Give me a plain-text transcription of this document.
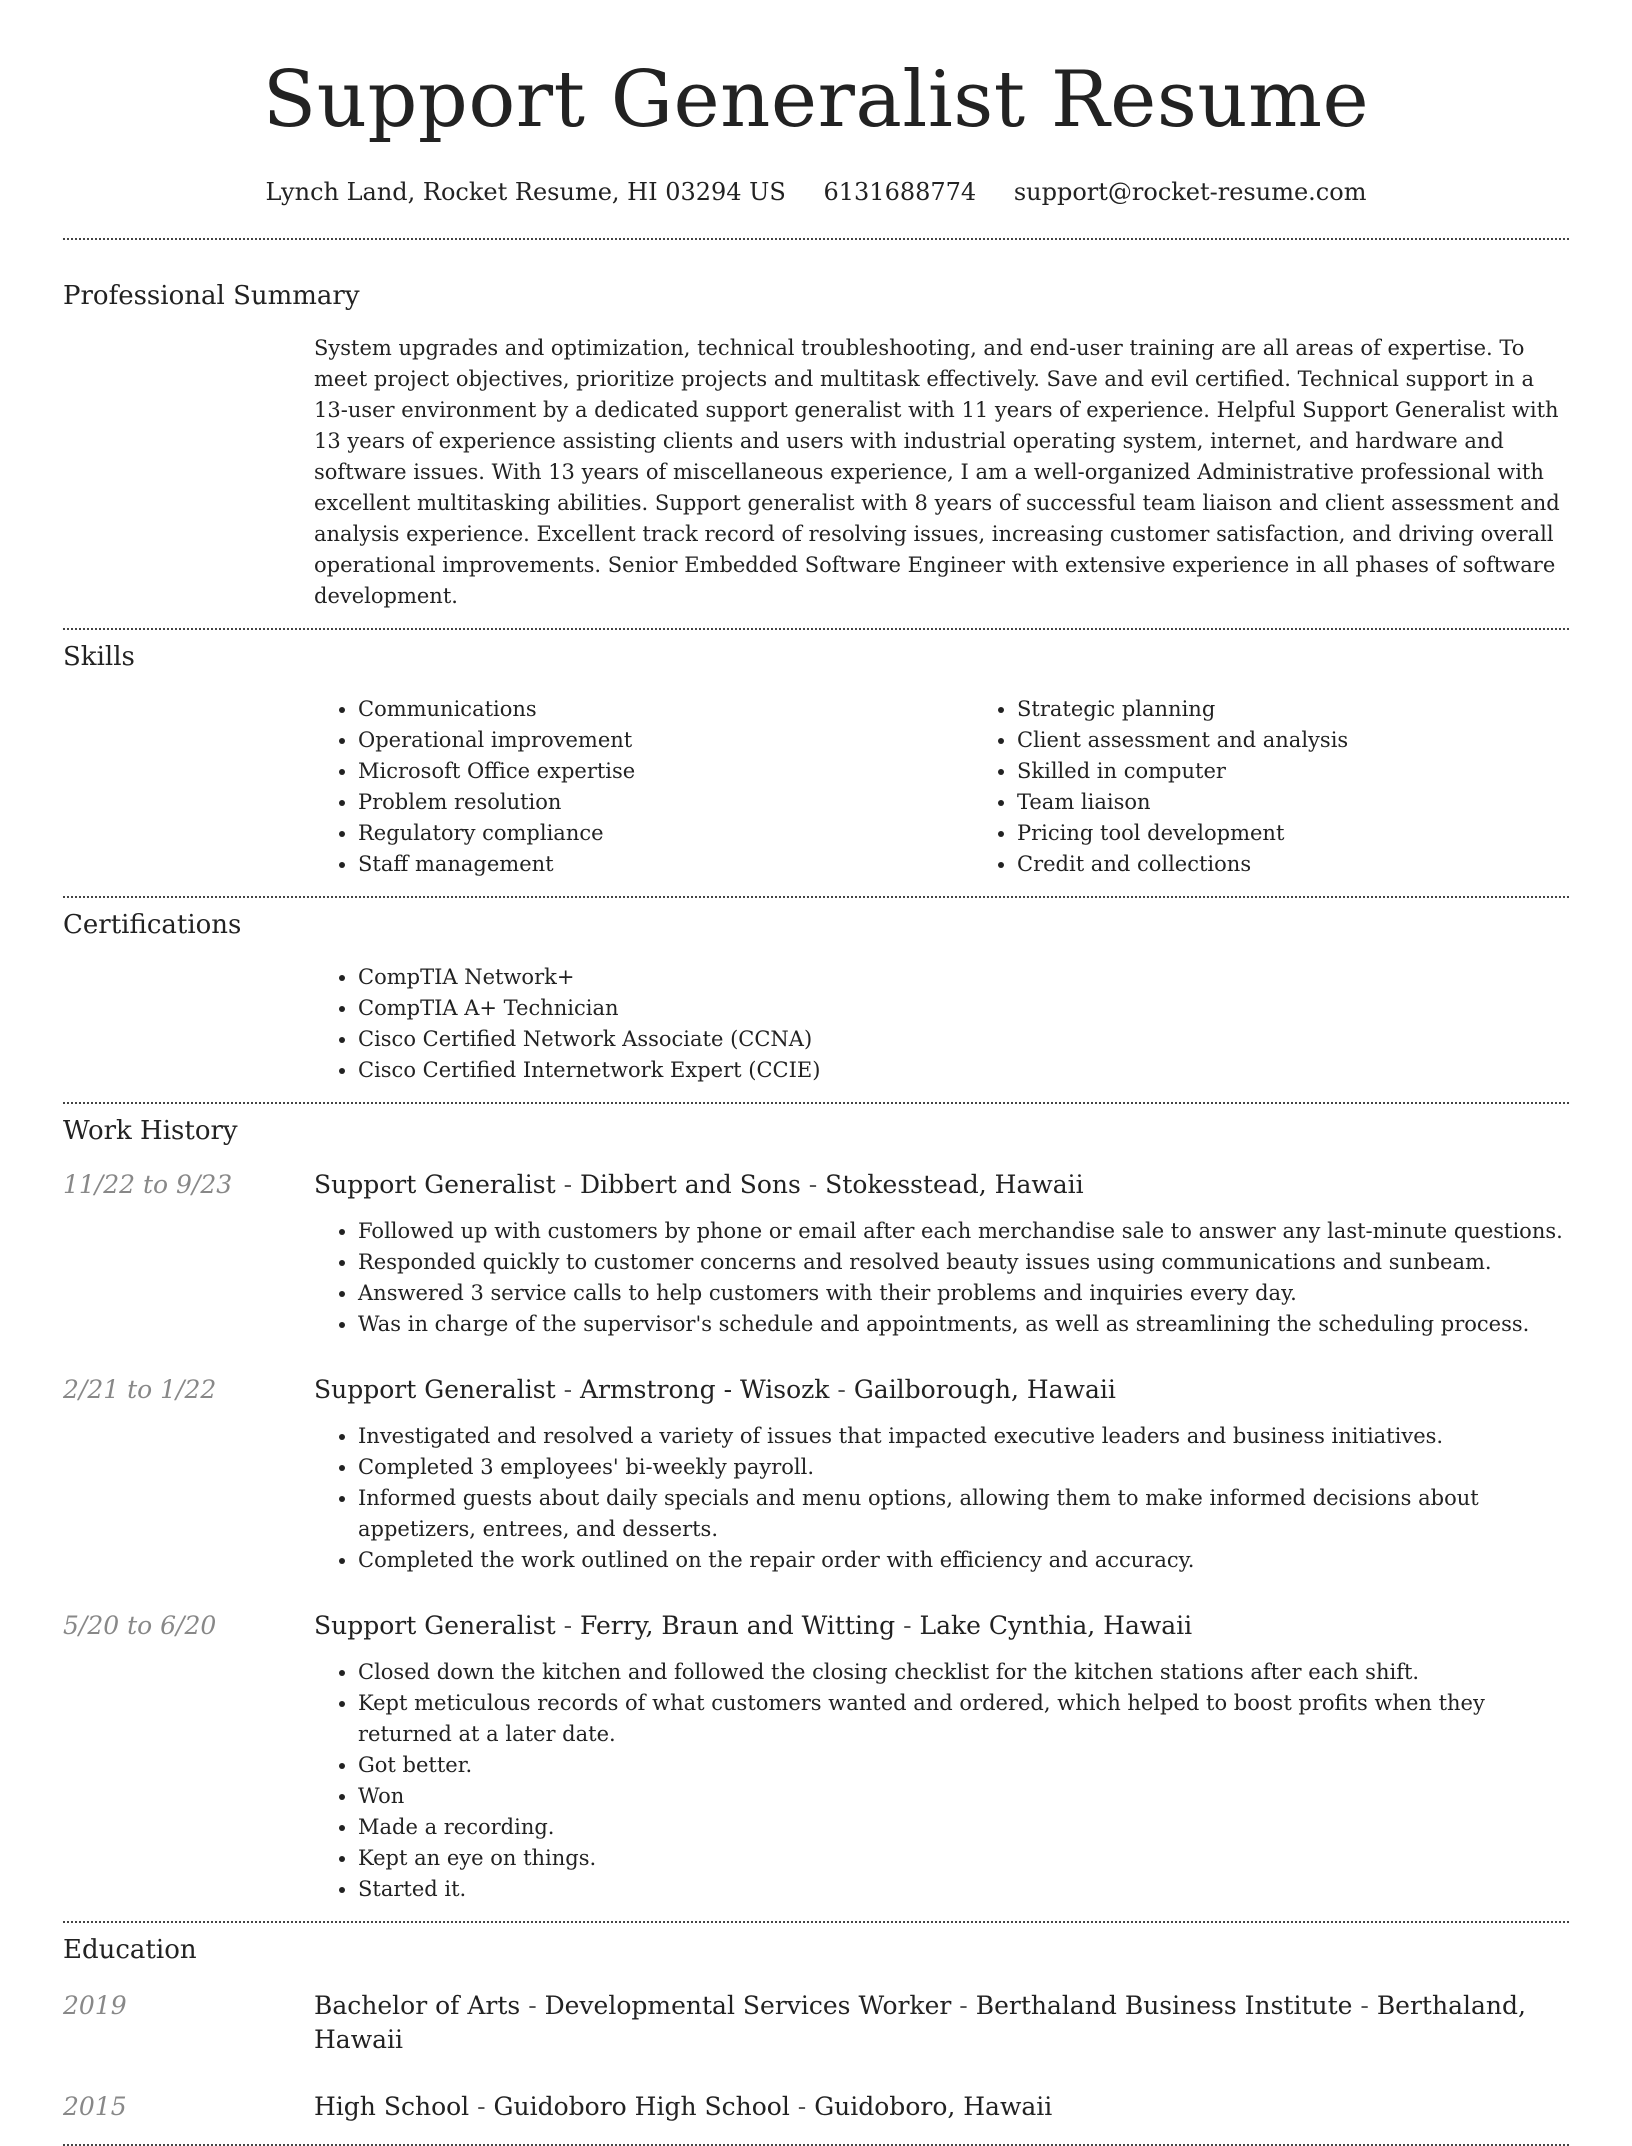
Support Generalist Resume
Lynch Land, Rocket Resume, HI 03294 US 6131688774 support@rocket-resume.com
Professional Summary

System upgrades and optimization, technical troubleshooting, and end-user training are all areas of expertise. To meet project objectives, prioritize projects and multitask effectively. Save and evil certified. Technical support in a 13-user environment by a dedicated support generalist with 11 years of experience. Helpful Support Generalist with 13 years of experience assisting clients and users with industrial operating system, internet, and hardware and software issues. With 13 years of miscellaneous experience, I am a well-organized Administrative professional with excellent multitasking abilities. Support generalist with 8 years of successful team liaison and client assessment and analysis experience. Excellent track record of resolving issues, increasing customer satisfaction, and driving overall operational improvements. Senior Embedded Software Engineer with extensive experience in all phases of software development.

Skills
• Communications
• Operational improvement
• Microsoft Office expertise
• Problem resolution
• Regulatory compliance
• Staff management
• Strategic planning
• Client assessment and analysis
• Skilled in computer
• Team liaison
• Pricing tool development
• Credit and collections
Certifications
• CompTIA Network+
• CompTIA A+ Technician
• Cisco Certified Network Associate (CCNA)
• Cisco Certified Internetwork Expert (CCIE)
Work History
11/22 to 9/23	Support Generalist - Dibbert and Sons - Stokesstead, Hawaii
• Followed up with customers by phone or email after each merchandise sale to answer any last-minute questions.
• Responded quickly to customer concerns and resolved beauty issues using communications and sunbeam.
• Answered 3 service calls to help customers with their problems and inquiries every day.
• Was in charge of the supervisor's schedule and appointments, as well as streamlining the scheduling process.
2/21 to 1/22	Support Generalist - Armstrong - Wisozk - Gailborough, Hawaii
• Investigated and resolved a variety of issues that impacted executive leaders and business initiatives.
• Completed 3 employees' bi-weekly payroll.
• Informed guests about daily specials and menu options, allowing them to make informed decisions about appetizers, entrees, and desserts.
• Completed the work outlined on the repair order with efficiency and accuracy.
5/20 to 6/20	Support Generalist - Ferry, Braun and Witting - Lake Cynthia, Hawaii
• Closed down the kitchen and followed the closing checklist for the kitchen stations after each shift.
• Kept meticulous records of what customers wanted and ordered, which helped to boost profits when they returned at a later date.
• Got better.
• Won
• Made a recording.
• Kept an eye on things.
• Started it.
Education
2019	Bachelor of Arts - Developmental Services Worker - Berthaland Business Institute - Berthaland, Hawaii
2015	High School - Guidoboro High School - Guidoboro, Hawaii
